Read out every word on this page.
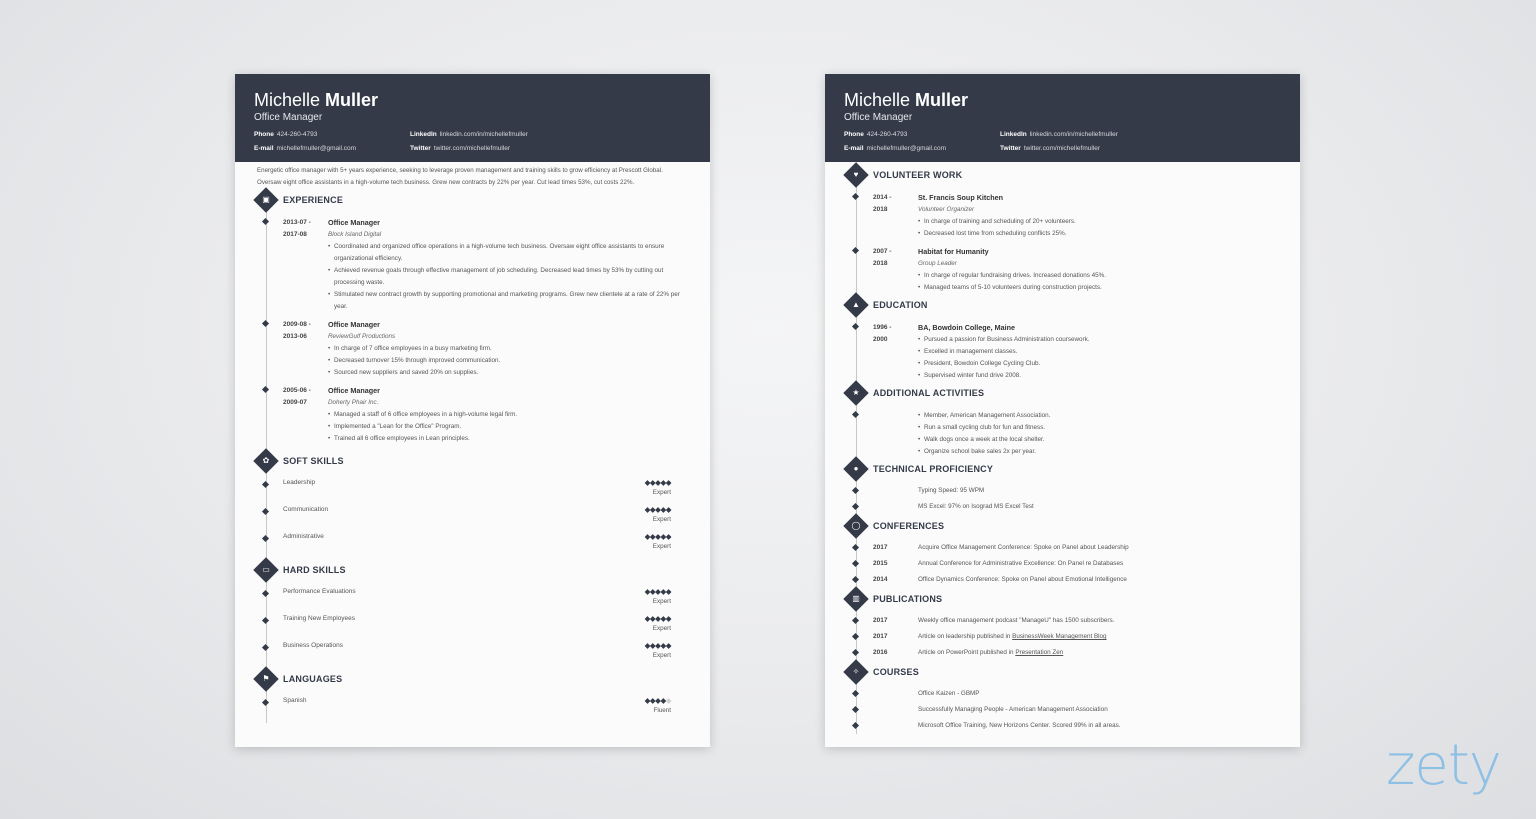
Michelle Muller
Office Manager
Phone 424-260-4793	LinkedIn linkedin.com/in/michellefmuller
E-mail michellefmuller@gmail.com	Twitter twitter.com/michellefmuller
Energetic office manager with 5+ years experience, seeking to leverage proven management and training skills to grow efficiency at Prescott Global. Oversaw eight office assistants in a high-volume tech business. Grew new contracts by 22% per year. Cut lead times 53%, cut costs 22%.
▣	EXPERIENCE
2013-07 -
2017-08
Office Manager
Block Island Digital
• Coordinated and organized office operations in a high-volume tech business. Oversaw eight office assistants to ensure organizational efficiency.
• Achieved revenue goals through effective management of job scheduling. Decreased lead times by 53% by cutting out processing waste.
• Stimulated new contract growth by supporting promotional and marketing programs. Grew new clientele at a rate of 22% per year.
2009-08 -
2013-06
Office Manager
ReviewGulf Productions
• In charge of 7 office employees in a busy marketing firm.
• Decreased turnover 15% through improved communication.
• Sourced new suppliers and saved 20% on supplies.
2005-06 -
2009-07
Office Manager
Doherty Phair Inc.
• Managed a staff of 6 office employees in a high-volume legal firm.
• Implemented a "Lean for the Office" Program.
• Trained all 6 office employees in Lean principles.
✿	SOFT SKILLS
Leadership	◆◆◆◆◆
Expert
Communication	◆◆◆◆◆
Expert
Administrative	◆◆◆◆◆
Expert
▭	HARD SKILLS
Performance Evaluations	◆◆◆◆◆
Expert
Training New Employees	◆◆◆◆◆
Expert
Business Operations	◆◆◆◆◆
Expert
⚑	LANGUAGES
Spanish	◆◆◆◆◆
Fluent
Michelle Muller
Office Manager
Phone 424-260-4793	LinkedIn linkedin.com/in/michellefmuller
E-mail michellefmuller@gmail.com	Twitter twitter.com/michellefmuller
♥	VOLUNTEER WORK
2014 -
2018
St. Francis Soup Kitchen
Volunteer Organizer
• In charge of training and scheduling of 20+ volunteers.
• Decreased lost time from scheduling conflicts 25%.
2007 -
2018
Habitat for Humanity
Group Leader
• In charge of regular fundraising drives. Increased donations 45%.
• Managed teams of 5-10 volunteers during construction projects.
▲	EDUCATION
1996 -
2000
BA, Bowdoin College, Maine
• Pursued a passion for Business Administration coursework.
• Excelled in management classes.
• President, Bowdoin College Cycling Club.
• Supervised winter fund drive 2008.
★	ADDITIONAL ACTIVITIES
• Member, American Management Association.
• Run a small cycling club for fun and fitness.
• Walk dogs once a week at the local shelter.
• Organize school bake sales 2x per year.
●	TECHNICAL PROFICIENCY
Typing Speed: 95 WPM
MS Excel: 97% on Isograd MS Excel Test
◯	CONFERENCES
2017	Acquire Office Management Conference: Spoke on Panel about Leadership
2015	Annual Conference for Administrative Excellence: On Panel re Databases
2014	Office Dynamics Conference: Spoke on Panel about Emotional Intelligence
▥	PUBLICATIONS
2017	Weekly office management podcast "ManageU" has 1500 subscribers.
2017	Article on leadership published in BusinessWeek Management Blog
2016	Article on PowerPoint published in Presentation Zen
✧	COURSES
Office Kaizen - GBMP
Successfully Managing People - American Management Association
Microsoft Office Training, New Horizons Center. Scored 99% in all areas.
zety
